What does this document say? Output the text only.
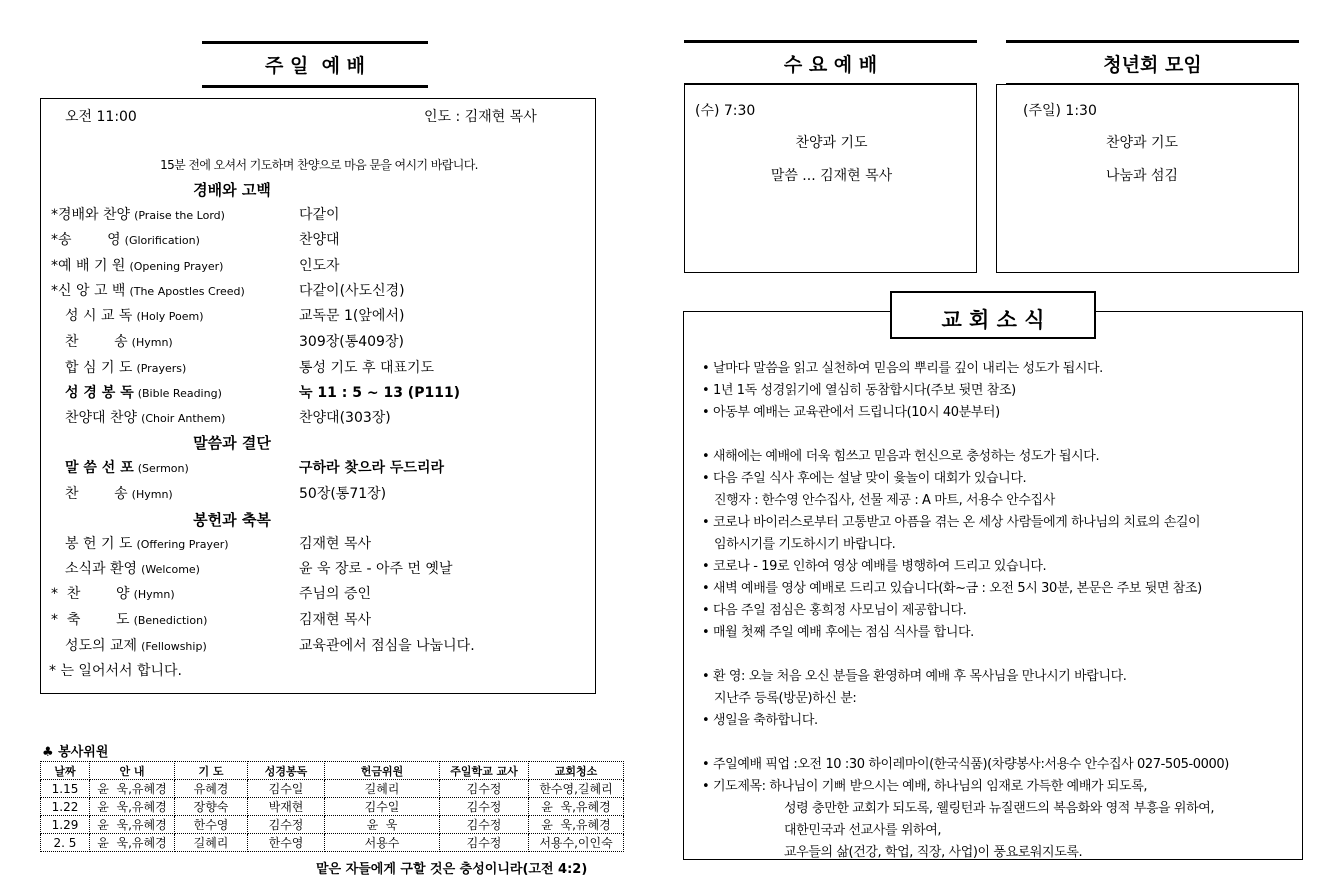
주 일  예 배
오전 11:00	인도 : 김재현 목사
15분 전에 오셔서 기도하며 찬양으로 마음 문을 여시기 바랍니다.
경배와 고백
*경배와 찬양 (Praise the Lord)	다같이
*송        영 (Glorification)	찬양대
*예 배 기 원 (Opening Prayer)	인도자
*신 앙 고 백 (The Apostles Creed)	다같이(사도신경)
성 시 교 독 (Holy Poem)	교독문 1(앞에서)
찬        송 (Hymn)	309장(통409장)
합 심 기 도 (Prayers)	통성 기도 후 대표기도
성 경 봉 독 (Bible Reading)	눅 11 : 5 ~ 13 (P111)
찬양대 찬양 (Choir Anthem)	찬양대(303장)
말 씀 선 포 (Sermon)	구하라 찾으라 두드리라
찬        송 (Hymn)	50장(통71장)
봉 헌 기 도 (Offering Prayer)	김재현 목사
소식과 환영 (Welcome)	윤 욱 장로 - 아주 먼 옛날
*  찬        양 (Hymn)	주님의 증인
*  축        도 (Benediction)	김재현 목사
성도의 교제 (Fellowship)	교육관에서 점심을 나눕니다.
말씀과 결단
봉헌과 축복
* 는 일어서서 합니다.
♣ 봉사위원
날짜	안 내	기 도	성경봉독	헌금위원	주일학교 교사	교회청소
1.15	윤  욱,유혜경	유혜경	김수일	길혜리	김수정	한수영,길혜리
1.22	윤  욱,유혜경	장향숙	박재현	김수일	김수정	윤  욱,유혜경
1.29	윤  욱,유혜경	한수영	김수정	윤  욱	김수정	윤  욱,유혜경
2. 5	윤  욱,유혜경	길혜리	한수영	서용수	김수정	서용수,이인숙
맡은 자들에게 구할 것은 충성이니라(고전 4:2)
수 요 예 배
(수) 7:30
찬양과 기도
말씀 ... 김재현 목사
청년회 모임
(주일) 1:30
찬양과 기도
나눔과 섬김
• 날마다 말씀을 읽고 실천하여 믿음의 뿌리를 깊이 내리는 성도가 됩시다.
• 1년 1독 성경읽기에 열심히 동참합시다(주보 뒷면 참조)
• 아동부 예배는 교육관에서 드립니다(10시 40분부터)
• 새해에는 예배에 더욱 힘쓰고 믿음과 헌신으로 충성하는 성도가 됩시다.
• 다음 주일 식사 후에는 설날 맞이 윷놀이 대회가 있습니다.
진행자 : 한수영 안수집사, 선물 제공 : A 마트, 서용수 안수집사
• 코로나 바이러스로부터 고통받고 아픔을 겪는 온 세상 사람들에게 하나님의 치료의 손길이
임하시기를 기도하시기 바랍니다.
• 코로나 - 19로 인하여 영상 예배를 병행하여 드리고 있습니다.
• 새벽 예배를 영상 예배로 드리고 있습니다(화~금 : 오전 5시 30분, 본문은 주보 뒷면 참조)
• 다음 주일 점심은 홍희정 사모님이 제공합니다.
• 매월 첫째 주일 예배 후에는 점심 식사를 합니다.
• 환 영: 오늘 처음 오신 분들을 환영하며 예배 후 목사님을 만나시기 바랍니다.
지난주 등록(방문)하신 분:
• 생일을 축하합니다.
• 주일예배 픽업 :오전 10 :30 하이레마이(한국식품)(차량봉사:서용수 안수집사 027-505-0000)
• 기도제목: 하나님이 기뻐 받으시는 예배, 하나님의 임재로 가득한 예배가 되도록,
성령 충만한 교회가 되도록, 웰링턴과 뉴질랜드의 복음화와 영적 부흥을 위하여,
대한민국과 선교사를 위하여,
교우들의 삶(건강, 학업, 직장, 사업)이 풍요로워지도록.
교 회 소 식
